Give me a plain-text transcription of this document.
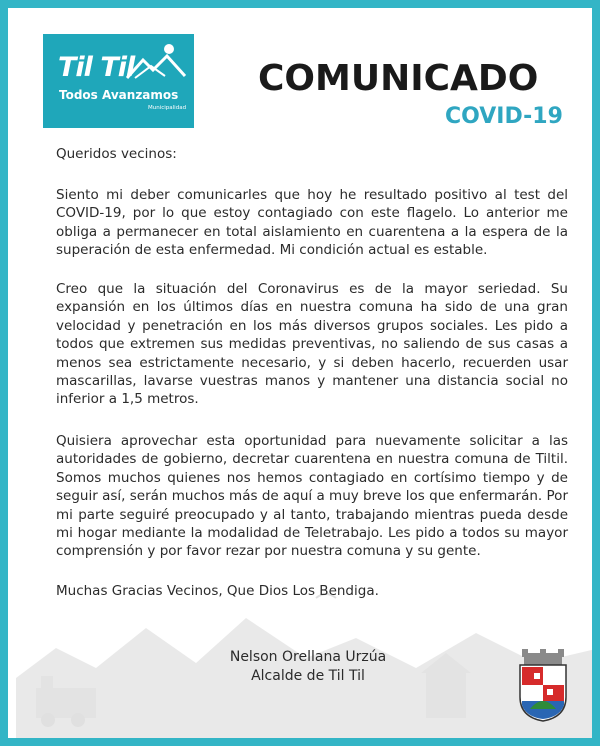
Til Til
Todos Avanzamos
Municipalidad
COMUNICADO
COVID-19
Queridos vecinos:

Siento mi deber comunicarles que hoy he resultado positivo al test del COVID-19, por lo que estoy contagiado con este flagelo. Lo anterior me obliga a permanecer en total aislamiento en cuarentena a la espera de la superación de esta enfermedad. Mi condición actual es estable.

Creo que la situación del Coronavirus es de la mayor seriedad. Su expansión en los últimos días en nuestra comuna ha sido de una gran velocidad y penetración en los más diversos grupos sociales. Les pido a todos que extremen sus medidas preventivas, no saliendo de sus casas a menos sea estrictamente necesario, y si deben hacerlo, recuerden usar mascarillas, lavarse vuestras manos y mantener una distancia social no inferior a 1,5 metros.

Quisiera aprovechar esta oportunidad para nuevamente solicitar a las autoridades de gobierno, decretar cuarentena en nuestra comuna de Tiltil. Somos muchos quienes nos hemos contagiado en cortísimo tiempo y de seguir así, serán muchos más de aquí a muy breve los que enfermarán. Por mi parte seguiré preocupado y al tanto, trabajando mientras pueda desde mi hogar mediante la modalidad de Teletrabajo. Les pido a todos su mayor comprensión y por favor rezar por nuestra comuna y su gente.

Muchas Gracias Vecinos, Que Dios Los Bendiga.
Nelson Orellana Urzúa
Alcalde de Til Til
